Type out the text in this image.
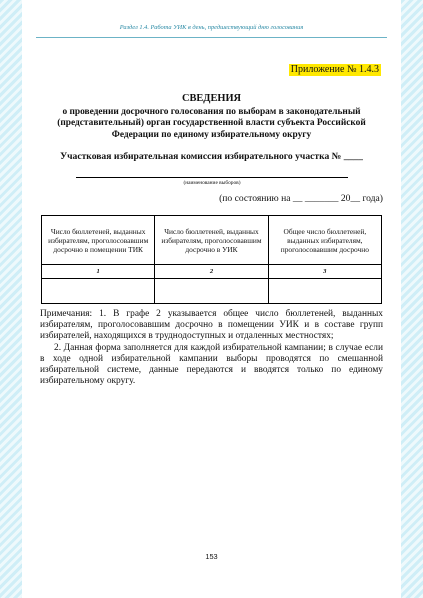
Раздел 1.4. Работа УИК в день, предшествующий дню голосования
Приложение № 1.4.3
СВЕДЕНИЯ
о проведении досрочного голосования по выборам в законодательный (представительный) орган государственной власти субъекта Российской Федерации по единому избирательному округу
Участковая избирательная комиссия избирательного участка № ____
(наименование выборов)
(по состоянию на __ _______ 20__ года)
Число бюллетеней, выданных избирателям, проголосовавшим досрочно в помещении ТИК	Число бюллетеней, выданных избирателям, проголосовавшим досрочно в УИК	Общее число бюллетеней, выданных избирателям, проголосовавшим досрочно
1	2	3

Примечания: 1. В графе 2 указывается общее число бюллетеней, выданных избирателям, проголосовавшим досрочно в помещении УИК и в составе групп избирателей, находящихся в труднодоступных и отдаленных местностях;

2. Данная форма заполняется для каждой избирательной кампании; в случае если в ходе одной избирательной кампании выборы проводятся по смешанной избирательной системе, данные передаются и вводятся только по единому избирательному округу.

153
